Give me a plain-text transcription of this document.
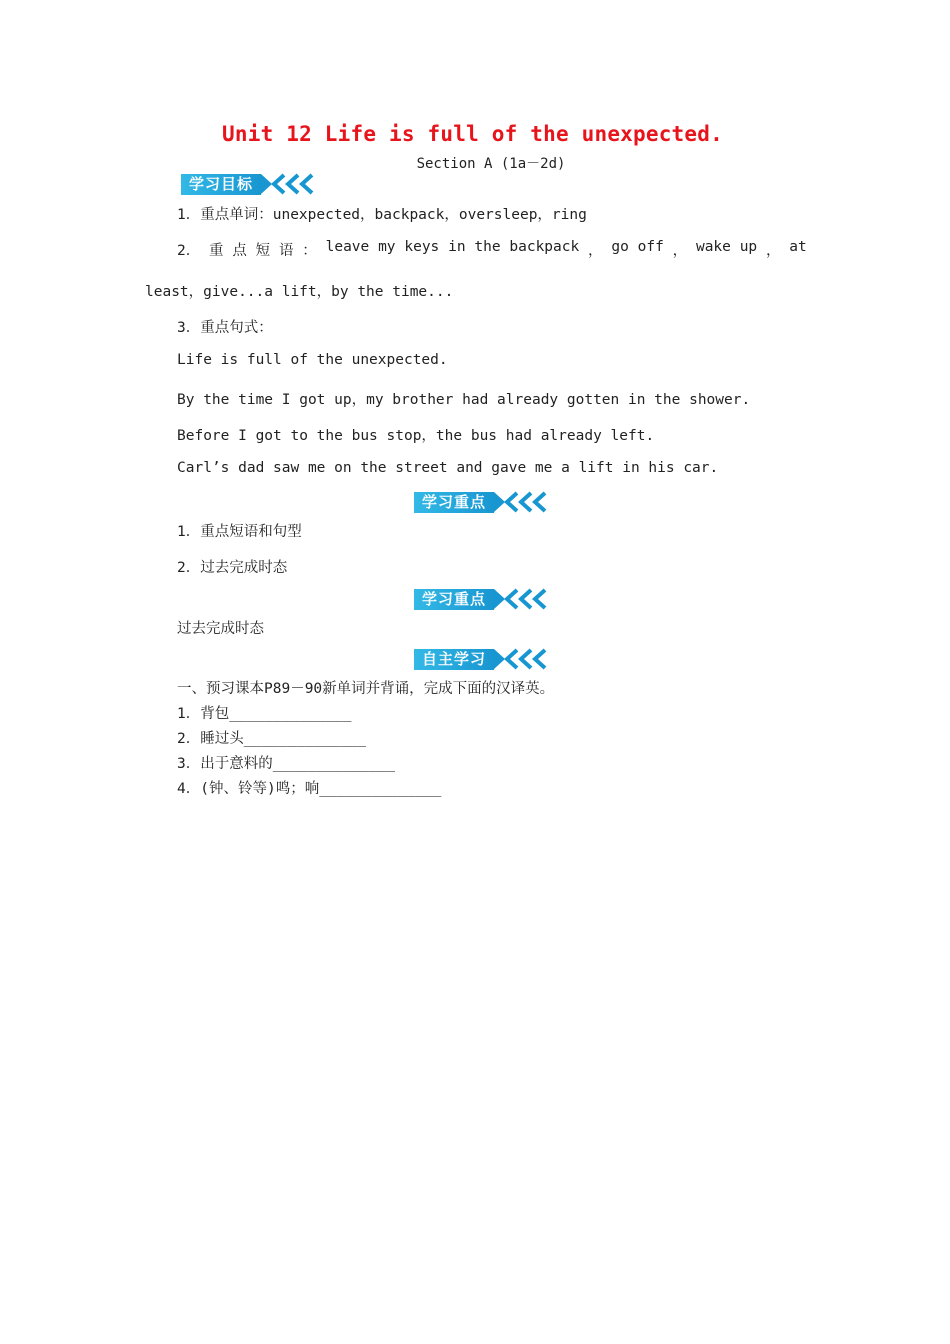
Unit 12 Life is full of the unexpected.
Section A (1a－2d)
学习目标
1．重点单词：unexpected，backpack，oversleep，ring
2． 重 点 短 语 ： leave my keys in the backpack ， go off ， wake up ， at
least，give...a lift，by the time...
3．重点句式：
Life is full of the unexpected.
By the time I got up，my brother had already gotten in the shower.
Before I got to the bus stop，the bus had already left.
Carl’s dad saw me on the street and gave me a lift in his car.
学习重点
1．重点短语和句型
2．过去完成时态
学习重点
过去完成时态
自主学习
一、预习课本P89－90新单词并背诵，完成下面的汉译英。
1．背包______________
2．睡过头______________
3．出于意料的______________
4．(钟、铃等)鸣；响______________
